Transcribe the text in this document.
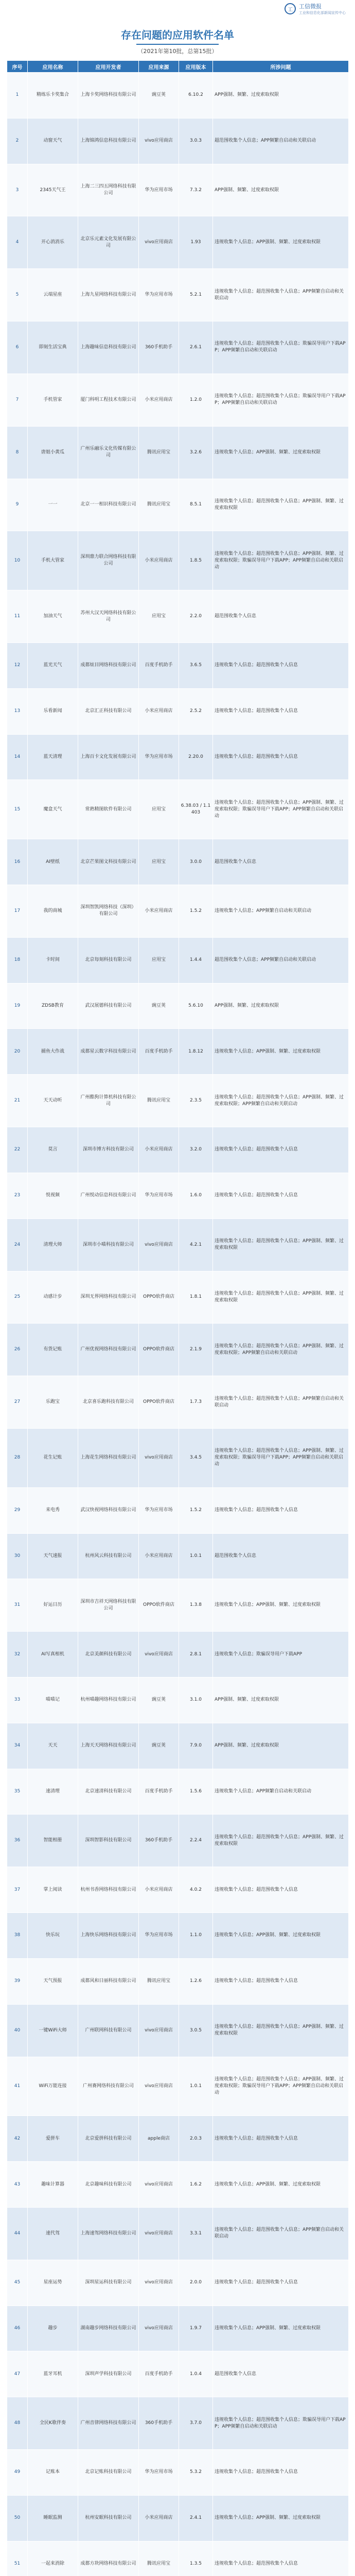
工	工信微报
工业和信息化部新闻宣传中心
存在问题的应用软件名单
（2021年第10批，总第15批）
序号	应用名称	应用开发者	应用来源	应用版本	所涉问题
1	精练乐卡奖集合	上海卡奖网络科技有限公司	豌豆荚	6.10.2	APP强制、频繁、过度索取权限
2	动窗天气	上海锦鸿信息科技有限公司	vivo应用商店	3.0.3	超范围收集个人信息；APP频繁自启动和关联启动
3	2345天气王	上海二三四五网络科技有限公司	华为应用市场	7.3.2	APP强制、频繁、过度索取权限
4	开心消消乐	北京乐元素文化发展有限公司	vivo应用商店	1.93	违规收集个人信息；APP强制、频繁、过度索取权限
5	云端星座	上海九星网络科技有限公司	华为应用市场	5.2.1	违规收集个人信息；超范围收集个人信息；APP频繁自启动和关联启动
6	即刻生活宝典	上海趣味信息科技有限公司	360手机助手	2.6.1	违规收集个人信息；超范围收集个人信息；欺骗误导用户下载APP；APP频繁自启动和关联启动
7	手机管家	厦门科明工程技术有限公司	小米应用商店	1.2.0	违规收集个人信息；超范围收集个人信息；欺骗误导用户下载APP；APP频繁自启动和关联启动
8	唐姐小黄瓜	广州乐融乐文化传媒有限公司	腾讯应用宝	3.2.6	违规收集个人信息；APP强制、频繁、过度索取权限
9	一一	北京一一相识科技有限公司	腾讯应用宝	8.5.1	违规收集个人信息；超范围收集个人信息；APP强制、频繁、过度索取权限
10	手机大管家	深圳鼎力联合网络科技有限公司	小米应用商店	1.8.5	违规收集个人信息；超范围收集个人信息；APP强制、频繁、过度索取权限；欺骗误导用户下载APP；APP频繁自启动和关联启动
11	加油天气	苏州大汉天网络科技有限公司	应用宝	2.2.0	超范围收集个人信息
12	蓝光天气	成都炫目网络科技有限公司	百度手机助手	3.6.5	违规收集个人信息；超范围收集个人信息
13	乐看新闻	北京汇正科技有限公司	小米应用商店	2.5.2	违规收集个人信息；超范围收集个人信息
14	蓝天清理	上海百卡文化发展有限公司	华为应用市场	2.20.0	违规收集个人信息；超范围收集个人信息
15	魔盒天气	常熟精图软件有限公司	应用宝	6.38.03 / 1.1403	违规收集个人信息；超范围收集个人信息；APP强制、频繁、过度索取权限；欺骗误导用户下载APP；APP频繁自启动和关联启动
16	AI壁纸	北京芒果图文科技有限公司	应用宝	3.0.0	超范围收集个人信息
17	我的商城	深圳智凯网络科技（深圳）有限公司	小米应用商店	1.5.2	违规收集个人信息；APP频繁自启动和关联启动
18	卡时间	北京每刻科技有限公司	应用宝	1.4.4	超范围收集个人信息；APP频繁自启动和关联启动
19	ZDSB教育	武汉展德科技有限公司	豌豆荚	5.6.10	APP强制、频繁、过度索取权限
20	捕鱼大作战	成都星云数字科技有限公司	百度手机助手	1.8.12	违规收集个人信息；APP强制、频繁、过度索取权限
21	天天动听	广州酷狗计算机科技有限公司	腾讯应用宝	2.3.5	违规收集个人信息；超范围收集个人信息；APP强制、频繁、过度索取权限；APP频繁自启动和关联启动
22	莫言	深圳市博方科技有限公司	小米应用商店	3.2.0	违规收集个人信息；超范围收集个人信息
23	悦视频	广州悦动信息科技有限公司	华为应用市场	1.6.0	违规收集个人信息；超范围收集个人信息
24	清理大师	深圳市小喵科技有限公司	vivo应用商店	4.2.1	违规收集个人信息；超范围收集个人信息；APP强制、频繁、过度索取权限
25	动感计步	深圳无界网络科技有限公司	OPPO软件商店	1.8.1	违规收集个人信息；超范围收集个人信息；APP强制、频繁、过度索取权限
26	有货记账	广州优视网络科技有限公司	OPPO软件商店	2.1.9	违规收集个人信息；超范围收集个人信息；APP强制、频繁、过度索取权限；APP频繁自启动和关联启动
27	乐跑宝	北京喜乐跑科技有限公司	OPPO软件商店	1.7.3	违规收集个人信息；超范围收集个人信息；APP频繁自启动和关联启动
28	花生记账	上海花生网络科技有限公司	vivo应用商店	3.4.5	违规收集个人信息；超范围收集个人信息；APP强制、频繁、过度索取权限；欺骗误导用户下载APP；APP频繁自启动和关联启动
29	来电秀	武汉快视网络科技有限公司	华为应用市场	1.5.2	违规收集个人信息；超范围收集个人信息
30	天气速报	杭州风云科技有限公司	小米应用商店	1.0.1	超范围收集个人信息
31	好运日历	深圳市吉祥天网络科技有限公司	OPPO软件商店	1.3.8	违规收集个人信息；APP强制、频繁、过度索取权限
32	AI写真相机	北京美颜科技有限公司	vivo应用商店	2.8.1	违规收集个人信息；欺骗误导用户下载APP
33	喵喵记	杭州喵趣网络科技有限公司	豌豆荚	3.1.0	APP强制、频繁、过度索取权限
34	天天	上海天天网络科技有限公司	豌豆荚	7.9.0	APP强制、频繁、过度索取权限
35	速清理	北京速清科技有限公司	百度手机助手	1.5.6	违规收集个人信息；APP频繁自启动和关联启动
36	智能相册	深圳智影科技有限公司	360手机助手	2.2.4	违规收集个人信息；超范围收集个人信息；APP强制、频繁、过度索取权限
37	掌上阅读	杭州书香网络科技有限公司	小米应用商店	4.0.2	违规收集个人信息；超范围收集个人信息
38	快乐玩	上海快乐网络科技有限公司	华为应用市场	1.1.0	违规收集个人信息；APP强制、频繁、过度索取权限
39	天气预报	成都风和日丽科技有限公司	腾讯应用宝	1.2.6	违规收集个人信息；超范围收集个人信息
40	一键WiFi大师	广州联网科技有限公司	vivo应用商店	3.0.5	违规收集个人信息；超范围收集个人信息；APP强制、频繁、过度索取权限
41	WiFi万能连接	广州赛网络科技有限公司	vivo应用商店	1.0.1	违规收集个人信息；超范围收集个人信息；APP强制、频繁、过度索取权限；欺骗误导用户下载APP；APP频繁自启动和关联启动
42	爱拼车	北京爱拼科技有限公司	apple商店	2.0.3	违规收集个人信息；超范围收集个人信息
43	趣味计算器	北京趣味科技有限公司	vivo应用商店	1.6.2	违规收集个人信息；APP强制、频繁、过度索取权限
44	速代驾	上海速驾网络科技有限公司	vivo应用商店	3.3.1	违规收集个人信息；超范围收集个人信息；APP频繁自启动和关联启动
45	星座运势	深圳星运科技有限公司	vivo应用商店	2.0.0	违规收集个人信息；超范围收集个人信息
46	趣步	湖南趣步网络科技有限公司	vivo应用商店	1.9.7	违规收集个人信息；APP强制、频繁、过度索取权限
47	蓝牙耳机	深圳声学科技有限公司	百度手机助手	1.0.4	超范围收集个人信息
48	全民K歌伴奏	广州音律网络科技有限公司	360手机助手	3.7.0	违规收集个人信息；超范围收集个人信息；欺骗误导用户下载APP；APP频繁自启动和关联启动
49	记账本	北京记账科技有限公司	华为应用市场	5.3.2	违规收集个人信息；超范围收集个人信息
50	睡眠监测	杭州安眠科技有限公司	小米应用商店	2.4.1	违规收集个人信息；APP强制、频繁、过度索取权限
51	一起来消除	成都方块网络科技有限公司	腾讯应用宝	1.3.5	违规收集个人信息；超范围收集个人信息
